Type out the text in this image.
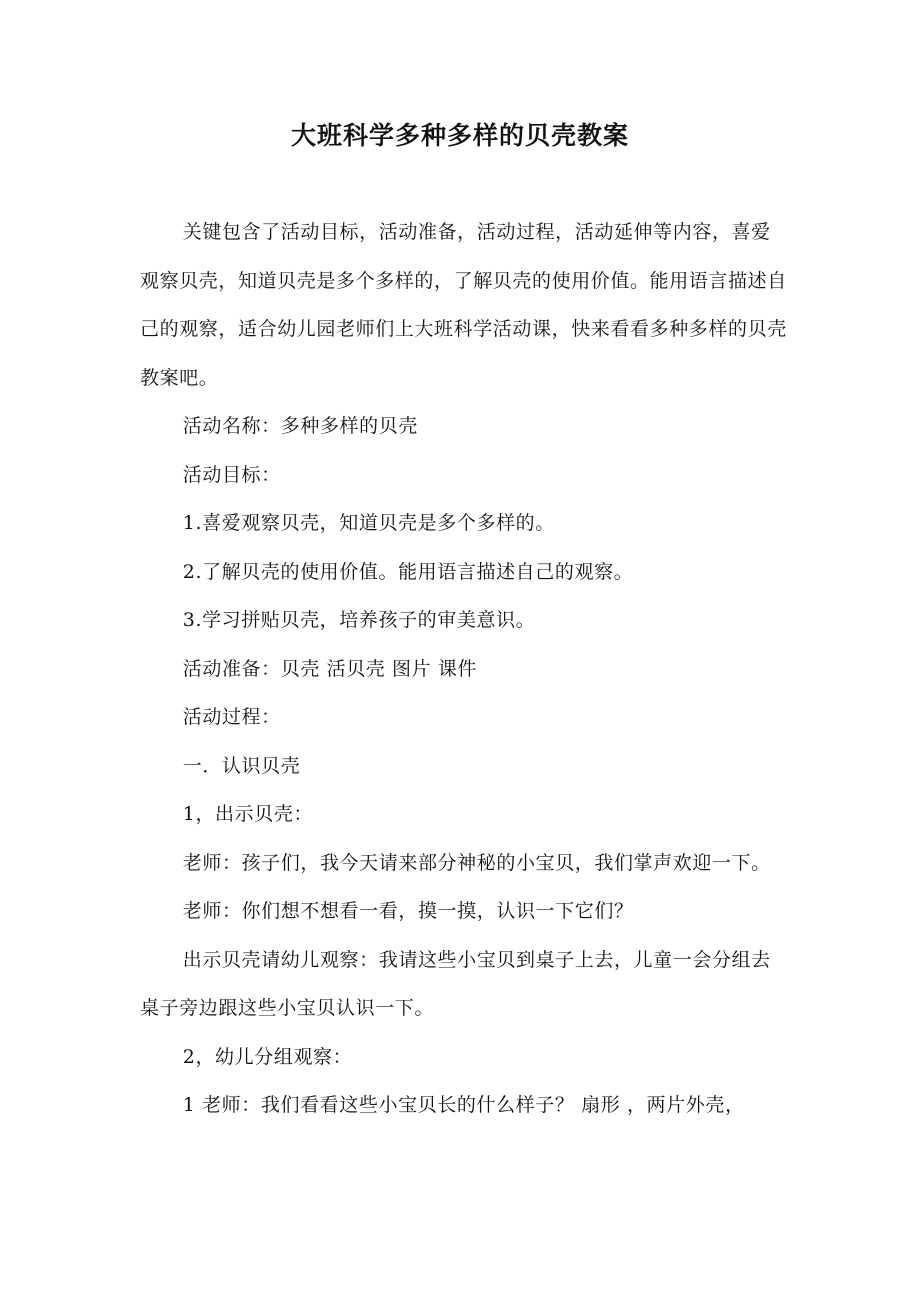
大班科学多种多样的贝壳教案

关键包含了活动目标，活动准备，活动过程，活动延伸等内容，喜爱观察贝壳，知道贝壳是多个多样的，了解贝壳的使用价值。能用语言描述自己的观察，适合幼儿园老师们上大班科学活动课，快来看看多种多样的贝壳教案吧。

活动名称：多种多样的贝壳

活动目标：

1.喜爱观察贝壳，知道贝壳是多个多样的。

2.了解贝壳的使用价值。能用语言描述自己的观察。

3.学习拼贴贝壳，培养孩子的审美意识。

活动准备：贝壳 活贝壳 图片 课件

活动过程：

一．认识贝壳

1，出示贝壳：

老师：孩子们，我今天请来部分神秘的小宝贝，我们掌声欢迎一下。

老师：你们想不想看一看，摸一摸，认识一下它们？

出示贝壳请幼儿观察：我请这些小宝贝到桌子上去，儿童一会分组去桌子旁边跟这些小宝贝认识一下。

2，幼儿分组观察：

1 老师：我们看看这些小宝贝长的什么样子？ 扇形 ，两片外壳，
